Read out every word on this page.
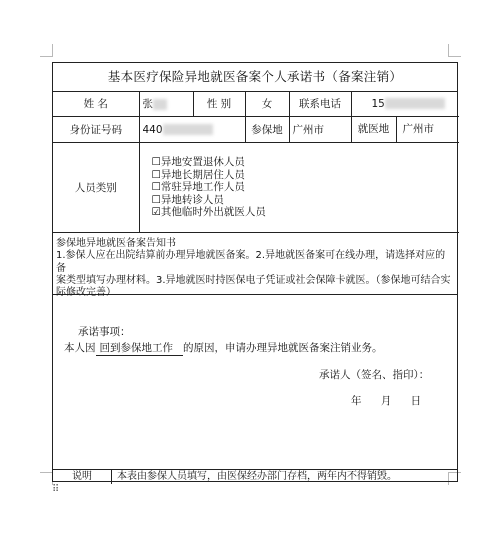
基本医疗保险异地就医备案个人承诺书（备案注销）
姓 名	张	性 别	女	联系电话	15
身份证号码	440		参保地	广州市	就医地 广州市
人员类别	☐异地安置退休人员
☐异地长期居住人员
☐常驻异地工作人员
☐异地转诊人员
☑其他临时外出就医人员				
参保地异地就医备案告知书
1.参保人应在出院结算前办理异地就医备案。2.异地就医备案可在线办理，请选择对应的备
案类型填写办理材料。3.异地就医时持医保电子凭证或社会保障卡就医。（参保地可结合实
际修改完善）
承诺事项：
本人因 回到参保地工作 的原因，申请办理异地就医备案注销业务。
承诺人（签名、指印）：
年 月 日
说明	本表由参保人员填写，由医保经办部门存档，两年内不得销毁。
⠿
